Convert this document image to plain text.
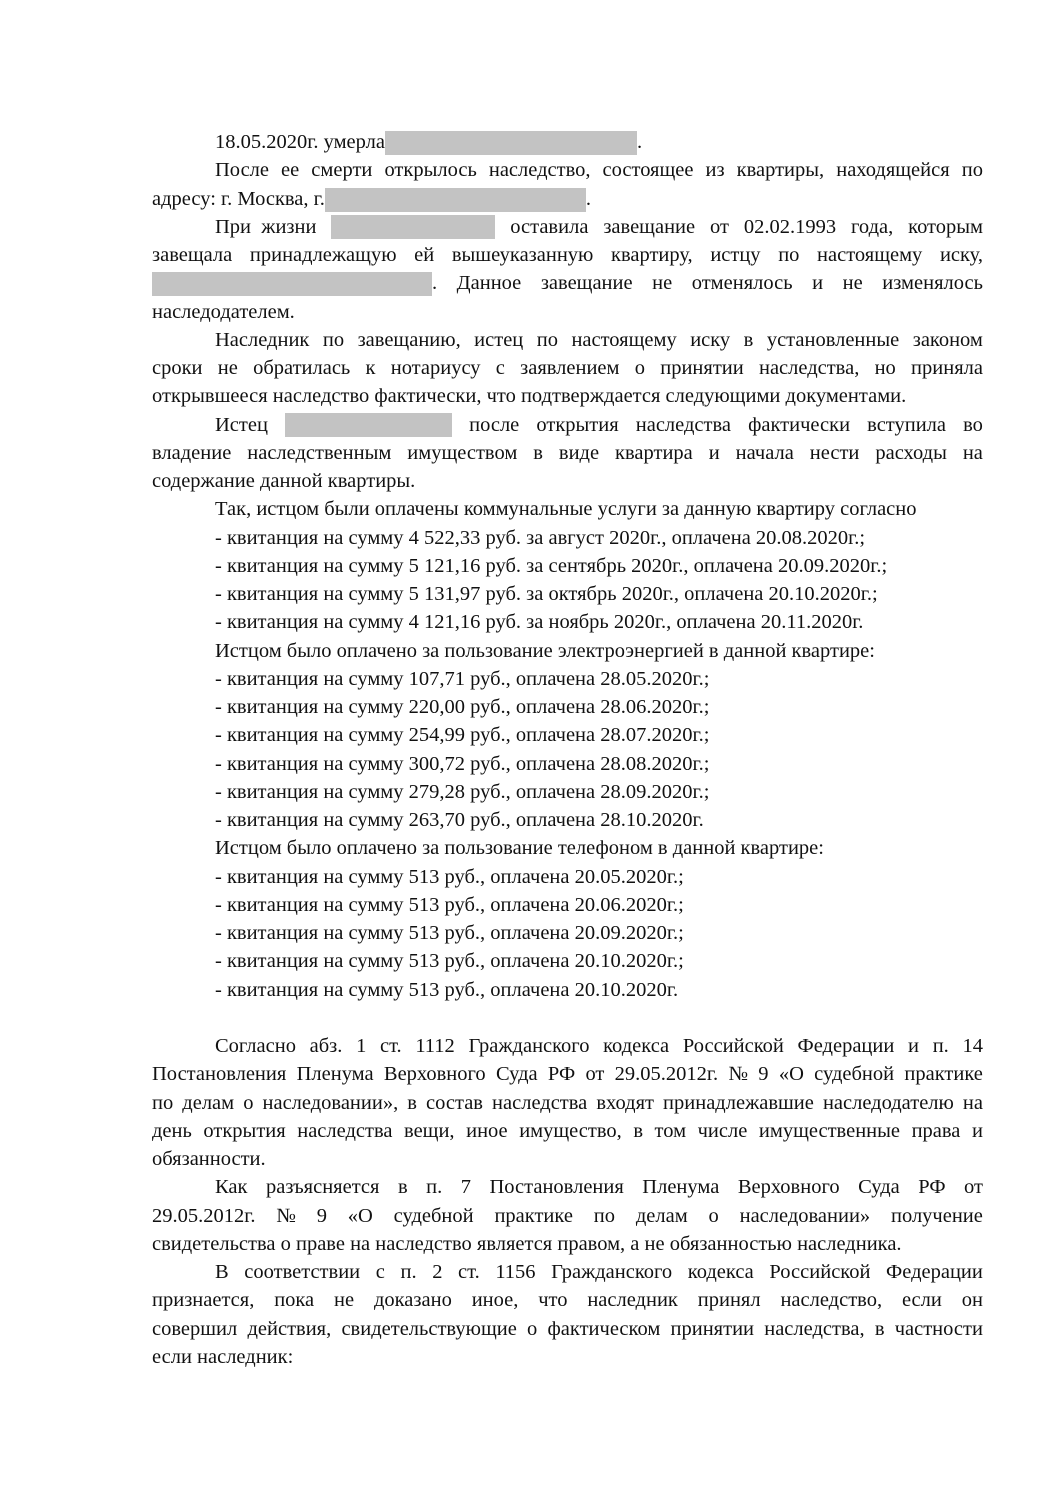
18.05.2020г. умерла	.
После ее смерти открылось наследство, состоящее из квартиры, находящейся по
адресу: г. Москва, г.	.
При  жизни	оставила завещание от 02.02.1993 года, которым
завещала принадлежащую ей вышеуказанную квартиру, истцу по настоящему иску,
. Данное завещание не отменялось и не изменялось
наследодателем.
Наследник по завещанию, истец по настоящему иску в установленные законом
сроки не обратилась к нотариусу с заявлением о принятии наследства, но приняла
открывшееся наследство фактически, что подтверждается следующими документами.
Истец	после открытия наследства фактически вступила во
владение наследственным имуществом в виде квартира и начала нести расходы на
содержание данной квартиры.
Так, истцом были оплачены коммунальные услуги за данную квартиру согласно
- квитанция на сумму 4 522,33 руб. за август 2020г., оплачена 20.08.2020г.;
- квитанция на сумму 5 121,16 руб. за сентябрь 2020г., оплачена 20.09.2020г.;
- квитанция на сумму 5 131,97 руб. за октябрь 2020г., оплачена 20.10.2020г.;
- квитанция на сумму 4 121,16 руб. за ноябрь 2020г., оплачена 20.11.2020г.
Истцом было оплачено за пользование электроэнергией в данной квартире:
- квитанция на сумму 107,71 руб., оплачена 28.05.2020г.;
- квитанция на сумму 220,00 руб., оплачена 28.06.2020г.;
- квитанция на сумму 254,99 руб., оплачена 28.07.2020г.;
- квитанция на сумму 300,72 руб., оплачена 28.08.2020г.;
- квитанция на сумму 279,28 руб., оплачена 28.09.2020г.;
- квитанция на сумму 263,70 руб., оплачена 28.10.2020г.
Истцом было оплачено за пользование телефоном в данной квартире:
- квитанция на сумму 513 руб., оплачена 20.05.2020г.;
- квитанция на сумму 513 руб., оплачена 20.06.2020г.;
- квитанция на сумму 513 руб., оплачена 20.09.2020г.;
- квитанция на сумму 513 руб., оплачена 20.10.2020г.;
- квитанция на сумму 513 руб., оплачена 20.10.2020г.
Согласно абз. 1 ст. 1112 Гражданского кодекса Российской Федерации и п. 14
Постановления Пленума Верховного Суда РФ от 29.05.2012г. № 9 «О судебной практике
по делам о наследовании», в состав наследства входят принадлежавшие наследодателю на
день открытия наследства вещи, иное имущество, в том числе имущественные права и
обязанности.
Как разъясняется в п. 7 Постановления Пленума Верховного Суда РФ от
29.05.2012г. № 9 «О судебной практике по делам о наследовании» получение
свидетельства о праве на наследство является правом, а не обязанностью наследника.
В соответствии с п. 2 ст. 1156 Гражданского кодекса Российской Федерации
признается, пока не доказано иное, что наследник принял наследство, если он
совершил действия, свидетельствующие о фактическом принятии наследства, в частности
если наследник:
